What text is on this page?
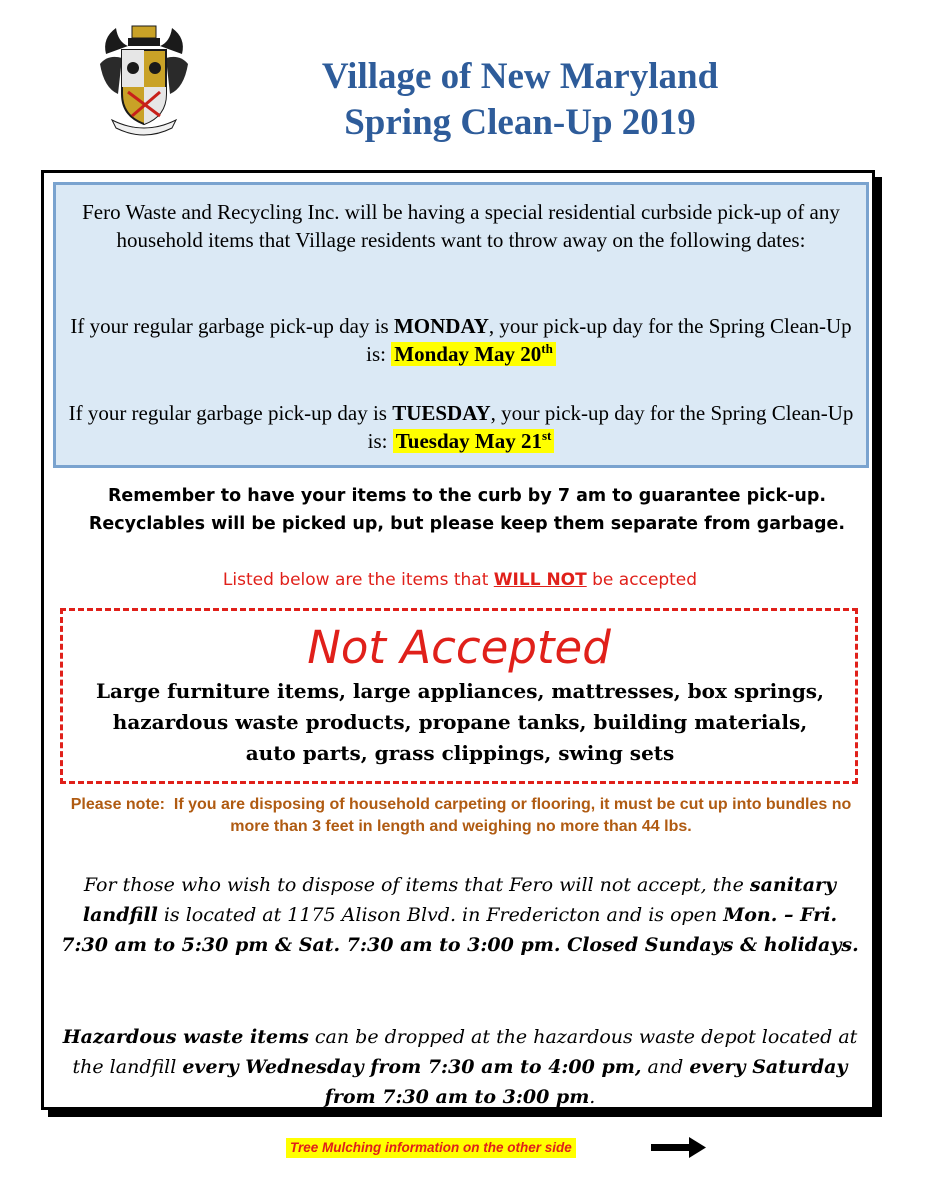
Village of New Maryland
Spring Clean-Up 2019

Fero Waste and Recycling Inc. will be having a special residential curbside pick-up of any household items that Village residents want to throw away on the following dates:

If your regular garbage pick-up day is MONDAY, your pick-up day for the Spring Clean-Up is: Monday May 20th

If your regular garbage pick-up day is TUESDAY, your pick-up day for the Spring Clean-Up is: Tuesday May 21st

Remember to have your items to the curb by 7 am to guarantee pick-up.
Recyclables will be picked up, but please keep them separate from garbage.
Listed below are the items that WILL NOT be accepted
Not Accepted
Large furniture items, large appliances, mattresses, box springs, hazardous waste products, propane tanks, building materials, auto parts, grass clippings, swing sets
Please note:  If you are disposing of household carpeting or flooring, it must be cut up into bundles no more than 3 feet in length and weighing no more than 44 lbs.
For those who wish to dispose of items that Fero will not accept, the sanitary landfill is located at 1175 Alison Blvd. in Fredericton and is open Mon. – Fri. 7:30 am to 5:30 pm & Sat. 7:30 am to 3:00 pm. Closed Sundays & holidays.
Hazardous waste items can be dropped at the hazardous waste depot located at the landfill every Wednesday from 7:30 am to 4:00 pm, and every Saturday from 7:30 am to 3:00 pm.
Tree Mulching information on the other side
